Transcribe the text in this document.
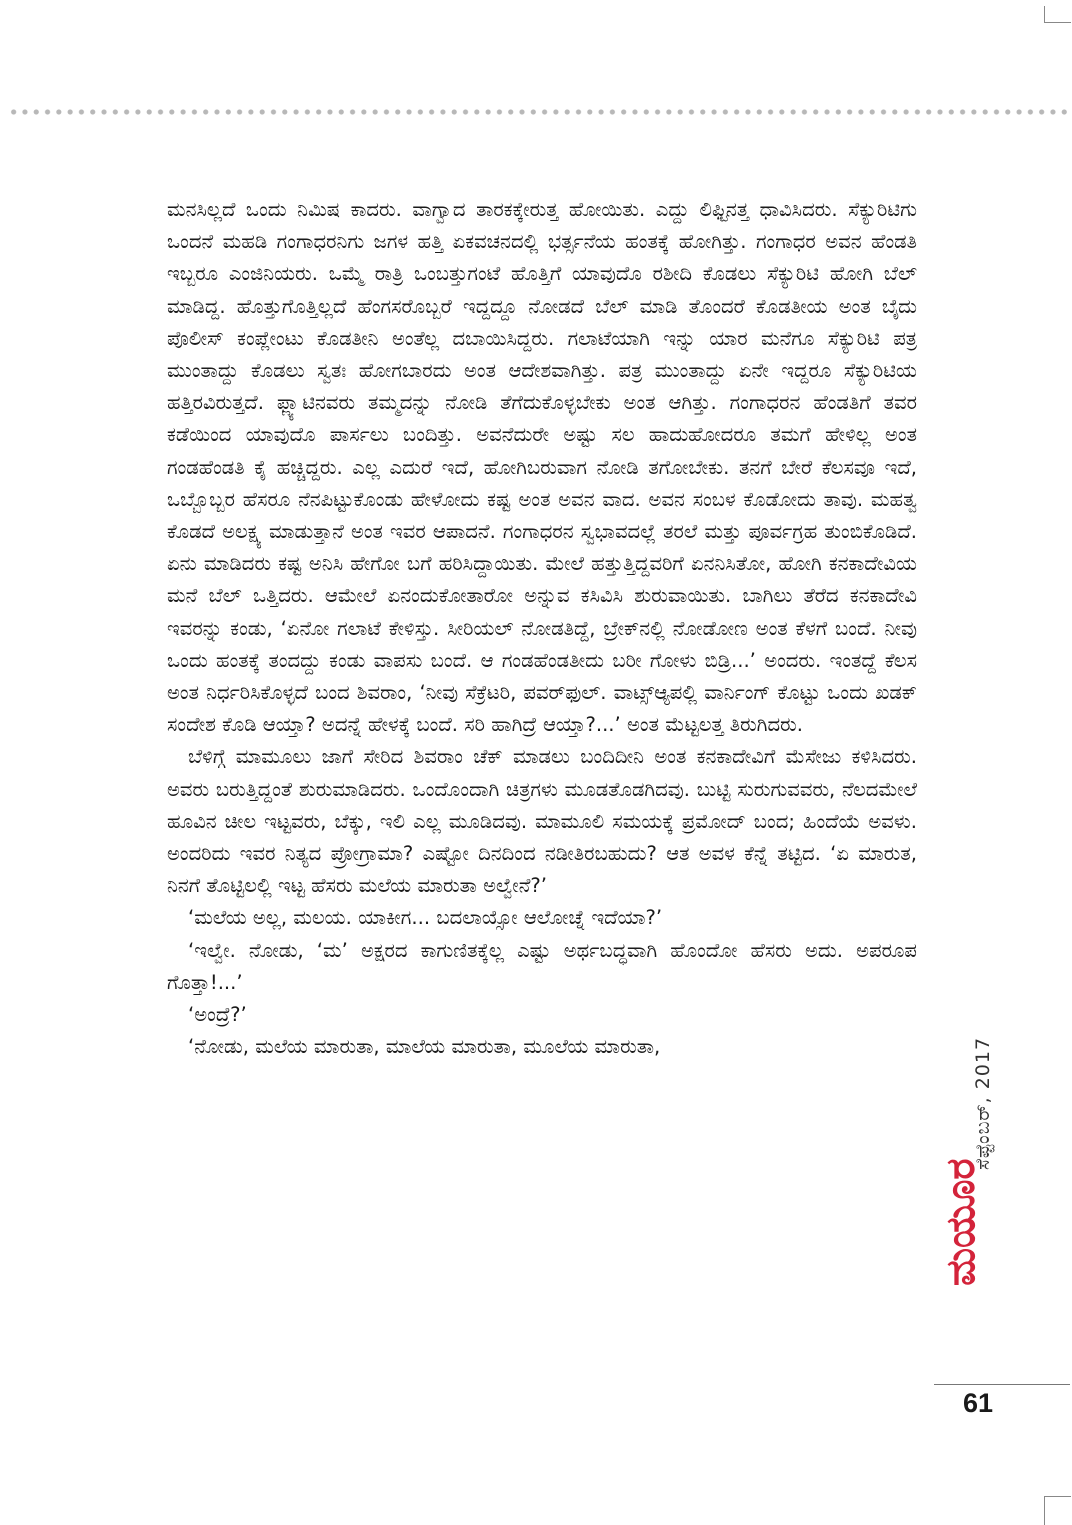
ಮನಸಿಲ್ಲದೆ ಒಂದು ನಿಮಿಷ ಕಾದರು. ವಾಗ್ವಾದ ತಾರಕಕ್ಕೇರುತ್ತ ಹೋಯಿತು. ಎದ್ದು ಲಿಫ್ಟಿನತ್ತ ಧಾವಿಸಿದರು. ಸೆಕ್ಯುರಿಟಿಗು ಒಂದನೆ ಮಹಡಿ ಗಂಗಾಧರನಿಗು ಜಗಳ ಹತ್ತಿ ಏಕವಚನದಲ್ಲಿ ಭರ್ತ್ಸನೆಯ ಹಂತಕ್ಕೆ ಹೋಗಿತ್ತು. ಗಂಗಾಧರ ಅವನ ಹೆಂಡತಿ ಇಬ್ಬರೂ ಎಂಜಿನಿಯರು. ಒಮ್ಮೆ ರಾತ್ರಿ ಒಂಬತ್ತುಗಂಟೆ ಹೊತ್ತಿಗೆ ಯಾವುದೊ ರಶೀದಿ ಕೊಡಲು ಸೆಕ್ಯುರಿಟಿ ಹೋಗಿ ಬೆಲ್ ಮಾಡಿದ್ದ. ಹೊತ್ತುಗೊತ್ತಿಲ್ಲದೆ ಹೆಂಗಸರೊಬ್ಬರೆ ಇದ್ದದ್ದೂ ನೋಡದೆ ಬೆಲ್ ಮಾಡಿ ತೊಂದರೆ ಕೊಡತೀಯ ಅಂತ ಬೈದು ಪೊಲೀಸ್ ಕಂಪ್ಲೇಂಟು ಕೊಡತೀನಿ ಅಂತೆಲ್ಲ ದಬಾಯಿಸಿದ್ದರು. ಗಲಾಟೆಯಾಗಿ ಇನ್ನು ಯಾರ ಮನೆಗೂ ಸೆಕ್ಯುರಿಟಿ ಪತ್ರ ಮುಂತಾದ್ದು ಕೊಡಲು ಸ್ವತಃ ಹೋಗಬಾರದು ಅಂತ ಆದೇಶವಾಗಿತ್ತು. ಪತ್ರ ಮುಂತಾದ್ದು ಏನೇ ಇದ್ದರೂ ಸೆಕ್ಯುರಿಟಿಯ ಹತ್ತಿರವಿರುತ್ತದೆ. ಫ್ಲ್ಯಾಟಿನವರು ತಮ್ಮದನ್ನು ನೋಡಿ ತೆಗೆದುಕೊಳ್ಳಬೇಕು ಅಂತ ಆಗಿತ್ತು. ಗಂಗಾಧರನ ಹೆಂಡತಿಗೆ ತವರ ಕಡೆಯಿಂದ ಯಾವುದೊ ಪಾರ್ಸಲು ಬಂದಿತ್ತು. ಅವನೆದುರೇ ಅಷ್ಟು ಸಲ ಹಾದುಹೋದರೂ ತಮಗೆ ಹೇಳಿಲ್ಲ ಅಂತ ಗಂಡಹೆಂಡತಿ ಕೈ ಹಚ್ಚಿದ್ದರು. ಎಲ್ಲ ಎದುರೆ ಇದೆ, ಹೋಗಿಬರುವಾಗ ನೋಡಿ ತಗೋಬೇಕು. ತನಗೆ ಬೇರೆ ಕೆಲಸವೂ ಇದೆ, ಒಬ್ಬೊಬ್ಬರ ಹೆಸರೂ ನೆನಪಿಟ್ಟುಕೊಂಡು ಹೇಳೋದು ಕಷ್ಟ ಅಂತ ಅವನ ವಾದ. ಅವನ ಸಂಬಳ ಕೊಡೋದು ತಾವು. ಮಹತ್ವ ಕೊಡದೆ ಅಲಕ್ಷ್ಯ ಮಾಡುತ್ತಾನೆ ಅಂತ ಇವರ ಆಪಾದನೆ. ಗಂಗಾಧರನ ಸ್ವಭಾವದಲ್ಲೆ ತರಲೆ ಮತ್ತು ಪೂರ್ವಗ್ರಹ ತುಂಬಿಕೊಡಿದೆ. ಏನು ಮಾಡಿದರು ಕಷ್ಟ ಅನಿಸಿ ಹೇಗೋ ಬಗೆ ಹರಿಸಿದ್ದಾಯಿತು. ಮೇಲೆ ಹತ್ತುತ್ತಿದ್ದವರಿಗೆ ಏನನಿಸಿತೋ, ಹೋಗಿ ಕನಕಾದೇವಿಯ ಮನೆ ಬೆಲ್ ಒತ್ತಿದರು. ಆಮೇಲೆ ಏನಂದುಕೋತಾರೋ ಅನ್ನುವ ಕಸಿವಿಸಿ ಶುರುವಾಯಿತು. ಬಾಗಿಲು ತೆರೆದ ಕನಕಾದೇವಿ ಇವರನ್ನು ಕಂಡು, ‘ಏನೋ ಗಲಾಟೆ ಕೇಳಿಸ್ತು. ಸೀರಿಯಲ್ ನೋಡತಿದ್ದೆ, ಬ್ರೇಕ್‌ನಲ್ಲಿ ನೋಡೋಣ ಅಂತ ಕೆಳಗೆ ಬಂದೆ. ನೀವು ಒಂದು ಹಂತಕ್ಕೆ ತಂದದ್ದು ಕಂಡು ವಾಪಸು ಬಂದೆ. ಆ ಗಂಡಹೆಂಡತೀದು ಬರೀ ಗೋಳು ಬಿಡ್ರಿ...’ ಅಂದರು. ಇಂತದ್ದೆ ಕೆಲಸ ಅಂತ ನಿರ್ಧರಿಸಿಕೊಳ್ಳದೆ ಬಂದ ಶಿವರಾಂ, ‘ನೀವು ಸೆಕ್ರೆಟರಿ, ಪವರ್‌ಫುಲ್. ವಾಟ್ಸ್‌ಆ್ಯಪಲ್ಲಿ ವಾರ್ನಿಂಗ್ ಕೊಟ್ಟು ಒಂದು ಖಡಕ್ ಸಂದೇಶ ಕೊಡಿ ಆಯ್ತಾ? ಅದನ್ನೆ ಹೇಳಕ್ಕೆ ಬಂದೆ. ಸರಿ ಹಾಗಿದ್ರೆ ಆಯ್ತಾ?...’ ಅಂತ ಮೆಟ್ಟಲತ್ತ ತಿರುಗಿದರು.

ಬೆಳಿಗ್ಗೆ ಮಾಮೂಲು ಜಾಗೆ ಸೇರಿದ ಶಿವರಾಂ ಚೆಕ್ ಮಾಡಲು ಬಂದಿದೀನಿ ಅಂತ ಕನಕಾದೇವಿಗೆ ಮೆಸೇಜು ಕಳಿಸಿದರು. ಅವರು ಬರುತ್ತಿದ್ದಂತೆ ಶುರುಮಾಡಿದರು. ಒಂದೊಂದಾಗಿ ಚಿತ್ರಗಳು ಮೂಡತೊಡಗಿದವು. ಬುಟ್ಟಿ ಸುರುಗುವವರು, ನೆಲದಮೇಲೆ ಹೂವಿನ ಚೀಲ ಇಟ್ಟವರು, ಬೆಕ್ಕು, ಇಲಿ ಎಲ್ಲ ಮೂಡಿದವು. ಮಾಮೂಲಿ ಸಮಯಕ್ಕೆ ಪ್ರಮೋದ್ ಬಂದ; ಹಿಂದೆಯೆ ಅವಳು. ಅಂದರಿದು ಇವರ ನಿತ್ಯದ ಪ್ರೋಗ್ರಾಮಾ? ಎಷ್ಟೋ ದಿನದಿಂದ ನಡೀತಿರಬಹುದು? ಆತ ಅವಳ ಕೆನ್ನೆ ತಟ್ಟಿದ. ‘ಏ ಮಾರುತ, ನಿನಗೆ ತೊಟ್ಟಿಲಲ್ಲಿ ಇಟ್ಟ ಹೆಸರು ಮಲೆಯ ಮಾರುತಾ ಅಲ್ವೇನೆ?’

‘ಮಲೆಯ ಅಲ್ಲ, ಮಲಯ. ಯಾಕೀಗ... ಬದಲಾಯ್ಸೋ ಆಲೋಚ್ನೆ ಇದೆಯಾ?’

‘ಇಲ್ವೇ. ನೋಡು, ‘ಮ’ ಅಕ್ಷರದ ಕಾಗುಣಿತಕ್ಕೆಲ್ಲ ಎಷ್ಟು ಅರ್ಥಬದ್ಧವಾಗಿ ಹೊಂದೋ ಹೆಸರು ಅದು. ಅಪರೂಪ ಗೊತ್ತಾ!...’

‘ಅಂದ್ರೆ?’

‘ನೋಡು, ಮಲೆಯ ಮಾರುತಾ, ಮಾಲೆಯ ಮಾರುತಾ, ಮೂಲೆಯ ಮಾರುತಾ,	ಸೆಪ್ಟೆಂಬರ್, 2017
ಮಯೂರ
61
